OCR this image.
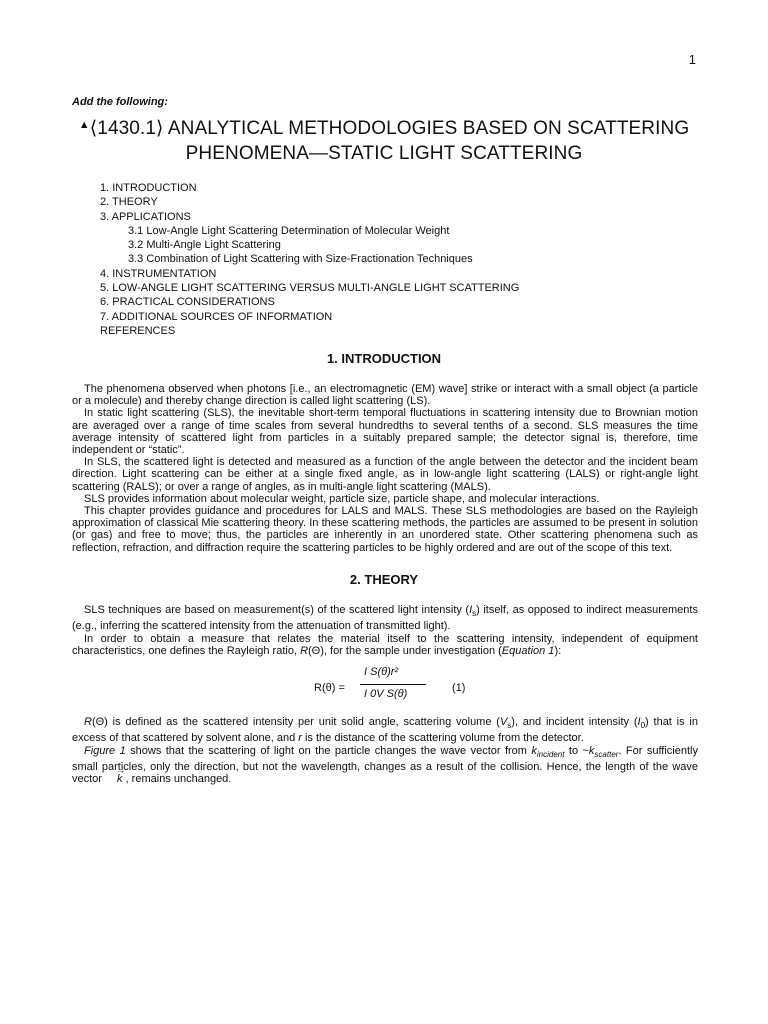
1
Add the following:
▲⟨1430.1⟩ ANALYTICAL METHODOLOGIES BASED ON SCATTERING
PHENOMENA—STATIC LIGHT SCATTERING
1. INTRODUCTION
2. THEORY
3. APPLICATIONS
3.1 Low-Angle Light Scattering Determination of Molecular Weight
3.2 Multi-Angle Light Scattering
3.3 Combination of Light Scattering with Size-Fractionation Techniques
4. INSTRUMENTATION
5. LOW-ANGLE LIGHT SCATTERING VERSUS MULTI-ANGLE LIGHT SCATTERING
6. PRACTICAL CONSIDERATIONS
7. ADDITIONAL SOURCES OF INFORMATION
REFERENCES
1. INTRODUCTION

The phenomena observed when photons [i.e., an electromagnetic (EM) wave] strike or interact with a small object (a particle or a molecule) and thereby change direction is called light scattering (LS).

In static light scattering (SLS), the inevitable short-term temporal fluctuations in scattering intensity due to Brownian motion are averaged over a range of time scales from several hundredths to several tenths of a second. SLS measures the time average intensity of scattered light from particles in a suitably prepared sample; the detector signal is, therefore, time independent or “static”.

In SLS, the scattered light is detected and measured as a function of the angle between the detector and the incident beam direction. Light scattering can be either at a single fixed angle, as in low-angle light scattering (LALS) or right-angle light scattering (RALS); or over a range of angles, as in multi-angle light scattering (MALS).

SLS provides information about molecular weight, particle size, particle shape, and molecular interactions.

This chapter provides guidance and procedures for LALS and MALS. These SLS methodologies are based on the Rayleigh approximation of classical Mie scattering theory. In these scattering methods, the particles are assumed to be present in solution (or gas) and free to move; thus, the particles are inherently in an unordered state. Other scattering phenomena such as reflection, refraction, and diffraction require the scattering particles to be highly ordered and are out of the scope of this text.

2. THEORY

SLS techniques are based on measurement(s) of the scattered light intensity $(I_s)$ itself, as opposed to indirect measurements (e.g., inferring the scattered intensity from the attenuation of transmitted light).

In order to obtain a measure that relates the material itself to the scattering intensity, independent of equipment characteristics, one defines the Rayleigh ratio, R(Θ), for the sample under investigation (Equation 1):

R(θ) =
I S(θ)r²
I 0V S(θ)	(1)

R(Θ) is defined as the scattered intensity per unit solid angle, scattering volume $(V_s)$, and incident intensity $(I_0)$ that is in excess of that scattered by solvent alone, and r is the distance of the scattering volume from the detector.

Figure 1 shows that the scattering of light on the particle changes the wave vector from $k_{incident}$ to $\sim k_{scatter}$. For sufficiently small particles, only the direction, but not the wavelength, changes as a result of the collision. Hence, the length of the wave vector → k , remains unchanged.
